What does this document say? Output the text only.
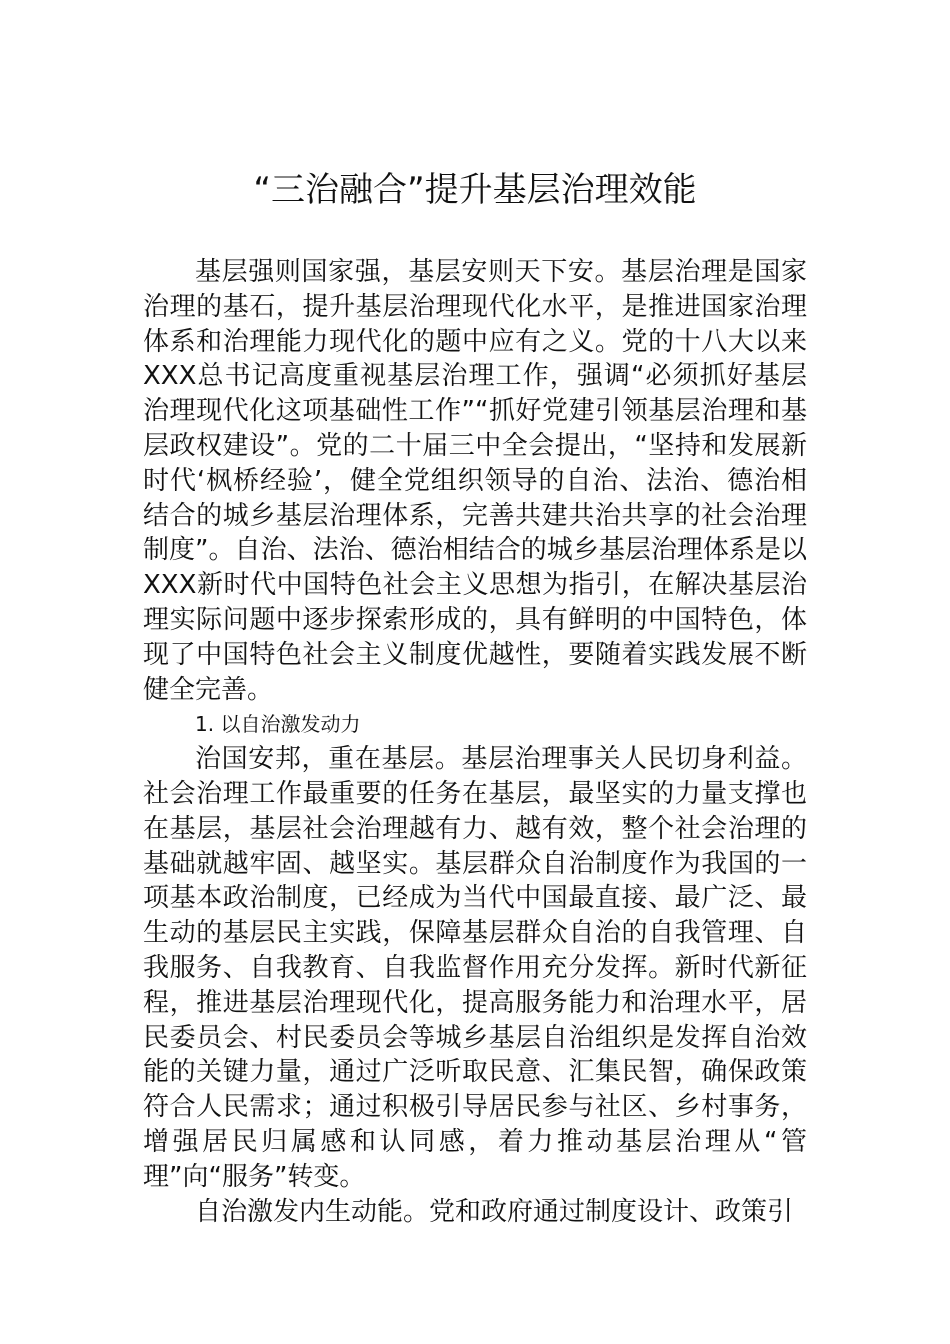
“三治融合”提升基层治理效能

基层强则国家强，基层安则天下安。基层治理是国家治理的基石，提升基层治理现代化水平，是推进国家治理体系和治理能力现代化的题中应有之义。党的十八大以来XXX总书记高度重视基层治理工作，强调“必须抓好基层治理现代化这项基础性工作”“抓好党建引领基层治理和基层政权建设”。党的二十届三中全会提出，“坚持和发展新时代‘枫桥经验’，健全党组织领导的自治、法治、德治相结合的城乡基层治理体系，完善共建共治共享的社会治理制度”。自治、法治、德治相结合的城乡基层治理体系是以XXX新时代中国特色社会主义思想为指引，在解决基层治理实际问题中逐步探索形成的，具有鲜明的中国特色，体现了中国特色社会主义制度优越性，要随着实践发展不断健全完善。

1. 以自治激发动力

治国安邦，重在基层。基层治理事关人民切身利益。社会治理工作最重要的任务在基层，最坚实的力量支撑也在基层，基层社会治理越有力、越有效，整个社会治理的基础就越牢固、越坚实。基层群众自治制度作为我国的一项基本政治制度，已经成为当代中国最直接、最广泛、最生动的基层民主实践，保障基层群众自治的自我管理、自我服务、自我教育、自我监督作用充分发挥。新时代新征程，推进基层治理现代化，提高服务能力和治理水平，居民委员会、村民委员会等城乡基层自治组织是发挥自治效能的关键力量，通过广泛听取民意、汇集民智，确保政策符合人民需求；通过积极引导居民参与社区、乡村事务，增强居民归属感和认同感，着力推动基层治理从“管理”向“服务”转变。

自治激发内生动能。党和政府通过制度设计、政策引
